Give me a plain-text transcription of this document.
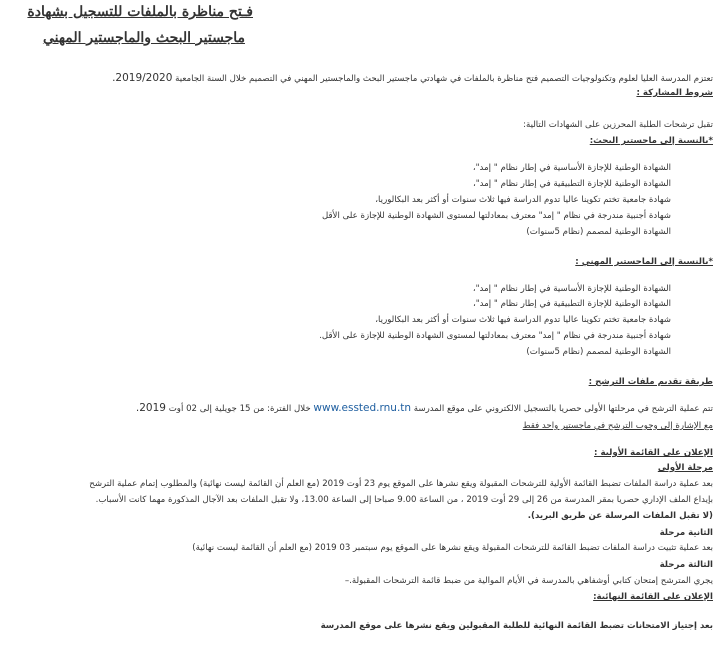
فـتح مناظرة بالملفات للتسجيل بشهادة
ماجستير البحث والماجستير المهني
تعتزم المدرسة العليا لعلوم وتكنولوجيات التصميم فتح مناظرة بالملفات في شهادتي ماجستير البحث والماجستير المهني في التصميم خلال السنة الجامعية 2019/2020.
شروط المشاركة :
تقبل ترشحات الطلبة المحرزين على الشهادات التالية:
*بالنسبة إلى ماجستير البحث:
الشهادة الوطنية للإجازة الأساسية في إطار نظام " إمد"،
الشهادة الوطنية للإجازة التطبيقية في إطار نظام " إمد"،
شهادة جامعية تختم تكوينا عاليا تدوم الدراسة فيها ثلاث سنوات أو أكثر بعد البكالوريا،
شهادة أجنبية مندرجة في نظام " إمد" معترف بمعادلتها لمستوى الشهادة الوطنية للإجازة على الأقل
الشهادة الوطنية لمصمم (نظام 5سنوات)
*بالنسبة إلى الماجستير المهني :
الشهادة الوطنية للإجازة الأساسية في إطار نظام " إمد"،
الشهادة الوطنية للإجازة التطبيقية في إطار نظام " إمد"،
شهادة جامعية تختم تكوينا عاليا تدوم الدراسة فيها ثلاث سنوات أو أكثر بعد البكالوريا،
شهادة أجنبية مندرجة في نظام " إمد" معترف بمعادلتها لمستوى الشهادة الوطنية للإجازة على الأقل.
الشهادة الوطنية لمصمم (نظام 5سنوات)
طريقة تقديم ملفات الترشح :
تتم عملية الترشح في مرحلتها الأولى حصريا بالتسجيل الالكتروني على موقع المدرسة www.essted.rnu.tn خلال الفترة: من 15 جويلية إلى 02 أوت 2019.
مع الإشارة إلى وجوب الترشح في ماجستير واحد فقط
الإعلان على القائمة الأولية :
مرحلة الأولى
بعد عملية دراسة الملفات تضبط القائمة الأولية للترشحات المقبولة ويقع نشرها على الموقع يوم 23 أوت 2019 (مع العلم أن القائمة ليست نهائية) والمطلوب إتمام عملية الترشح
بإيداع الملف الإداري حصريا بمقر المدرسة من 26 إلى 29 أوت 2019 ، من الساعة 9.00 صباحا إلى الساعة 13.00، ولا تقبل الملفات بعد الآجال المذكورة مهما كانت الأسباب.
(لا تقبل الملفات المرسلة عن طريق البريد).
الثانية مرحلة
بعد عملية تثبيت دراسة الملفات تضبط القائمة للترشحات المقبولة ويقع نشرها على الموقع يوم سبتمبر 03 2019 (مع العلم أن القائمة ليست نهائية)
الثالثة مرحلة
يجري المترشح إمتحان كتابي أوشفاهي بالمدرسة في الأيام الموالية من ضبط قائمة الترشحات المقبولة.–
الإعلان على القائمة النهائية:
بعد إجتياز الامتحانات تضبط القائمة النهائية للطلبة المقبولين ويقع نشرها على موقع المدرسة
